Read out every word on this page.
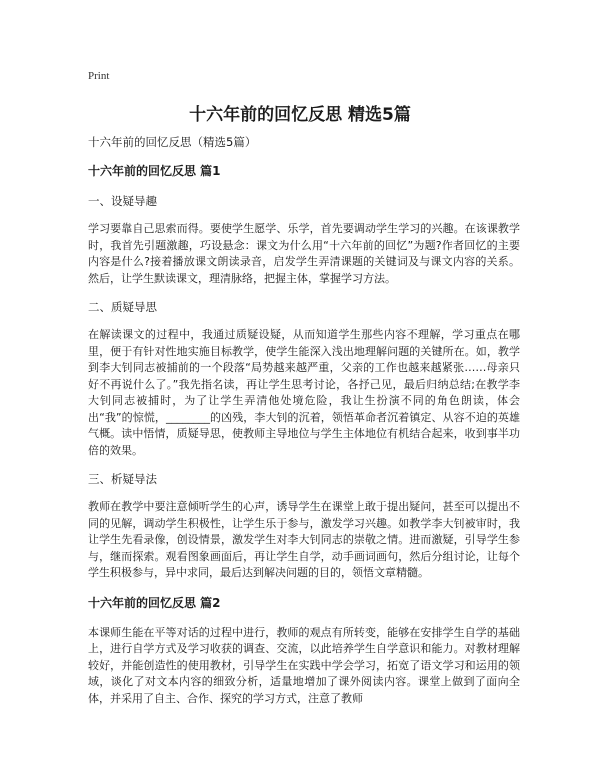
Print
十六年前的回忆反思 精选5篇
十六年前的回忆反思（精选5篇）
十六年前的回忆反思 篇1
一、设疑导趣

学习要靠自己思索而得。要使学生愿学、乐学，首先要调动学生学习的兴趣。在该课教学时，我首先引题激趣，巧设悬念：课文为什么用“十六年前的回忆”为题?作者回忆的主要内容是什么?接着播放课文朗读录音，启发学生弄清课题的关键词及与课文内容的关系。然后，让学生默读课文，理清脉络，把握主体，掌握学习方法。

二、质疑导思

在解读课文的过程中，我通过质疑设疑，从而知道学生那些内容不理解，学习重点在哪里，便于有针对性地实施目标教学，使学生能深入浅出地理解问题的关键所在。如，教学到李大钊同志被捕前的一个段落“局势越来越严重，父亲的工作也越来越紧张……母亲只好不再说什么了。”我先指名读，再让学生思考讨论，各抒己见，最后归纳总结;在教学李大钊同志被捕时，为了让学生弄清他处境危险，我让生扮演不同的角色朗读，体会出“我”的惊慌，________的凶残，李大钊的沉着，领悟革命者沉着镇定、从容不迫的英雄气概。读中悟情，质疑导思，使教师主导地位与学生主体地位有机结合起来，收到事半功倍的效果。

三、析疑导法

教师在教学中要注意倾听学生的心声，诱导学生在课堂上敢于提出疑问，甚至可以提出不同的见解，调动学生积极性，让学生乐于参与，激发学习兴趣。如教学李大钊被审时，我让学生先看录像，创设情景，激发学生对李大钊同志的崇敬之情。进而激疑，引导学生参与，继而探索。观看图象画面后，再让学生自学，动手画词画句，然后分组讨论，让每个学生积极参与，异中求同，最后达到解决问题的目的，领悟文章精髓。

十六年前的回忆反思 篇2

本课师生能在平等对话的过程中进行，教师的观点有所转变，能够在安排学生自学的基础上，进行自学方式及学习收获的调查、交流，以此培养学生自学意识和能力。对教材理解较好，并能创造性的使用教材，引导学生在实践中学会学习，拓宽了语文学习和运用的领域，谈化了对文本内容的细致分析，适量地增加了课外阅读内容。课堂上做到了面向全体，并采用了自主、合作、探究的学习方式，注意了教师
